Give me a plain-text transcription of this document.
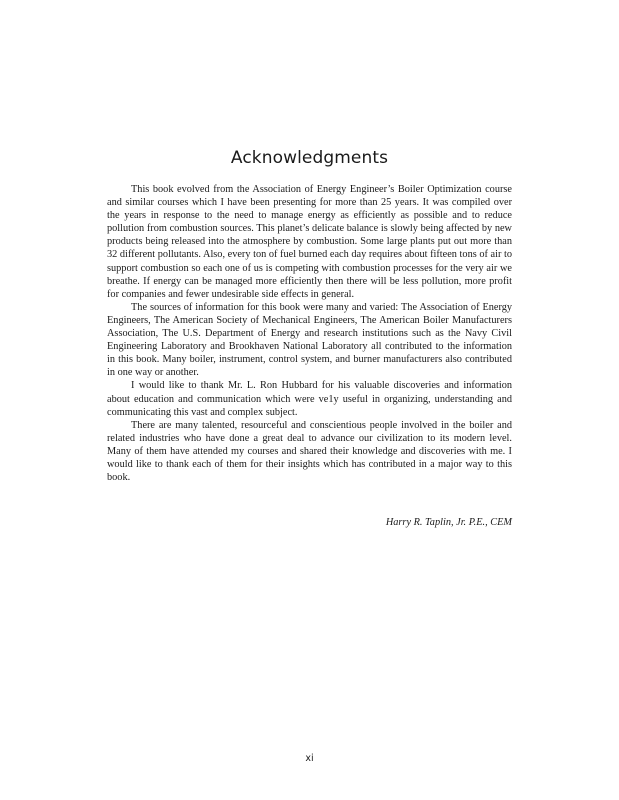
Acknowledgments

This book evolved from the Association of Energy Engineer’s Boiler Optimization course and similar courses which I have been presenting for more than 25 years. It was compiled over the years in response to the need to manage energy as efficiently as possible and to reduce pollution from combustion sources. This planet’s delicate balance is slowly being affected by new products being released into the atmosphere by combustion. Some large plants put out more than 32 different pollutants. Also, every ton of fuel burned each day requires about fifteen tons of air to support combustion so each one of us is competing with combustion processes for the very air we breathe. If energy can be managed more efficiently then there will be less pollution, more profit for companies and fewer undesirable side effects in general.

The sources of information for this book were many and varied: The Association of Energy Engineers, The American Society of Mechanical Engineers, The American Boiler Manufacturers Association, The U.S. Department of Energy and research institutions such as the Navy Civil Engineering Laboratory and Brookhaven National Laboratory all contributed to the information in this book. Many boiler, instrument, control system, and burner manufacturers also contributed in one way or another.

I would like to thank Mr. L. Ron Hubbard for his valuable discoveries and information about education and communication which were ve1y useful in organizing, understanding and communicating this vast and complex subject.

There are many talented, resourceful and conscientious people involved in the boiler and related industries who have done a great deal to advance our civilization to its modern level. Many of them have attended my courses and shared their knowledge and discoveries with me. I would like to thank each of them for their insights which has contributed in a major way to this book.

Harry R. Taplin, Jr. P.E., CEM
xi
